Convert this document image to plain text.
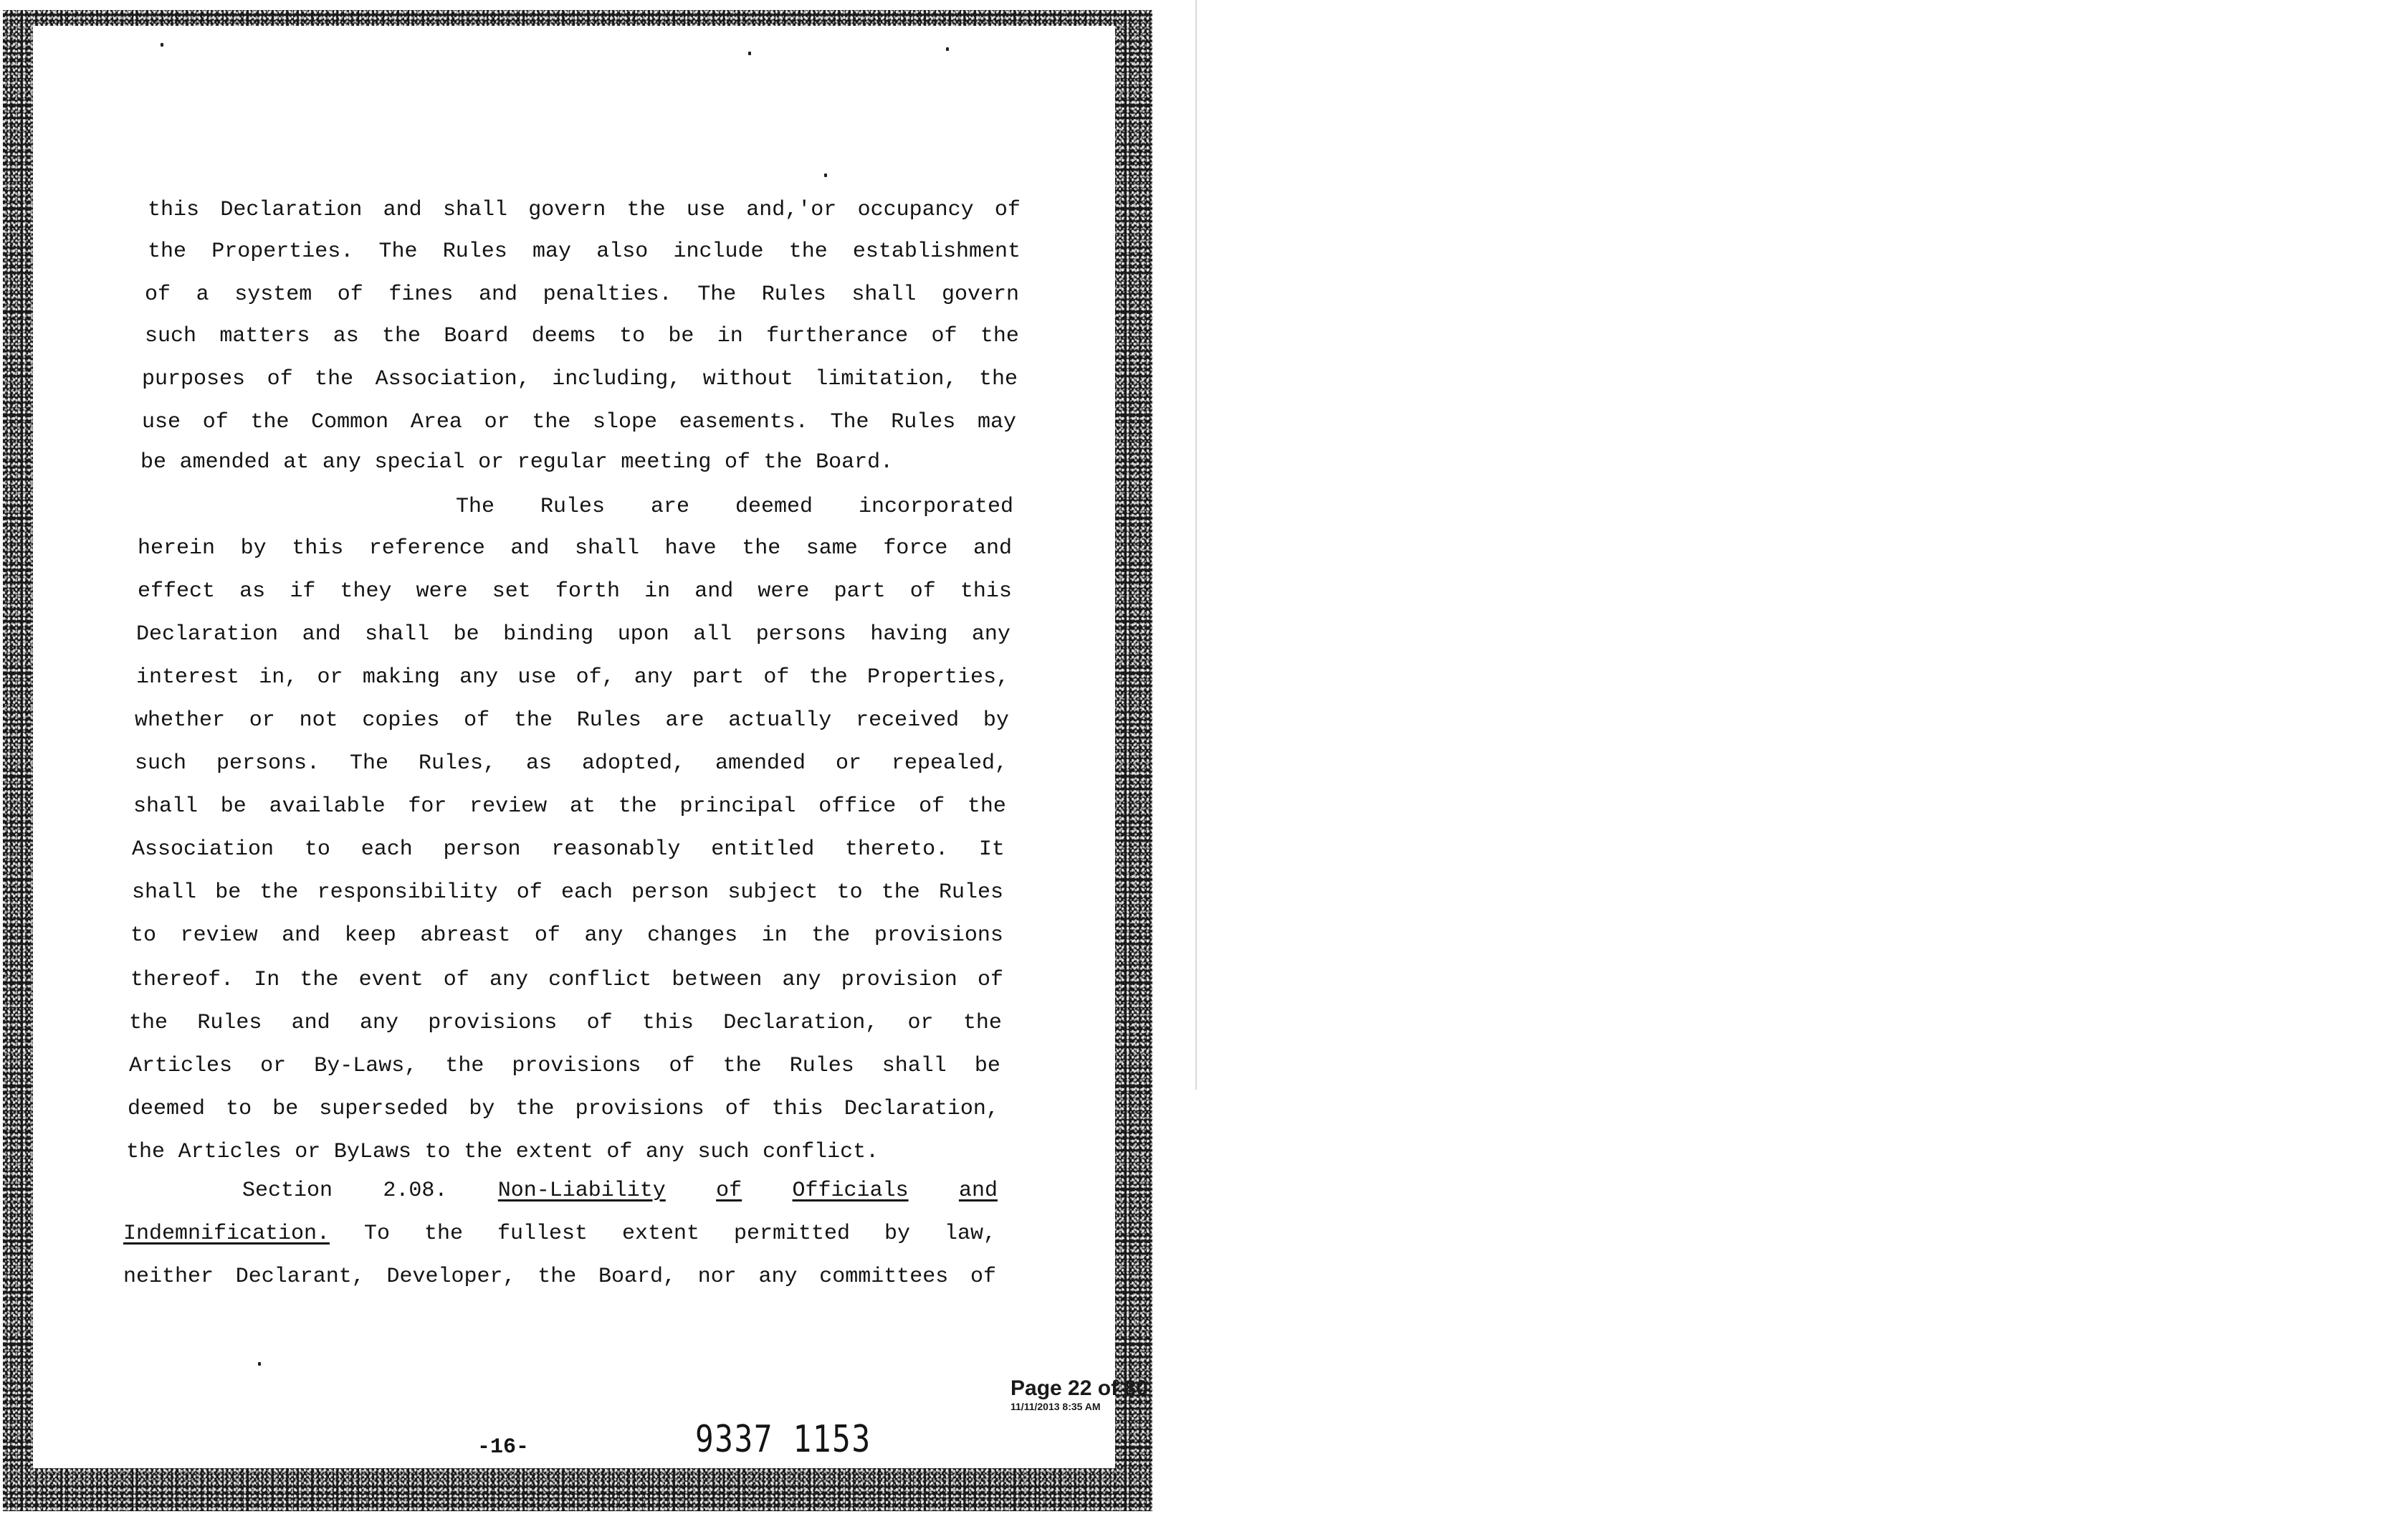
this Declaration and shall govern the use and,'or occupancy of
the Properties. The Rules may also include the establishment
of a system of fines and penalties. The Rules shall govern
such matters as the Board deems to be in furtherance of the
purposes of the Association, including, without limitation, the
use of the Common Area or the slope easements. The Rules may
be amended at any special or regular meeting of the Board.
The Rules are deemed incorporated
herein by this reference and shall have the same force and
effect as if they were set forth in and were part of this
Declaration and shall be binding upon all persons having any
interest in, or making any use of, any part of the Properties,
whether or not copies of the Rules are actually received by
such persons. The Rules, as adopted, amended or repealed,
shall be available for review at the principal office of the
Association to each person reasonably entitled thereto. It
shall be the responsibility of each person subject to the Rules
to review and keep abreast of any changes in the provisions
thereof. In the event of any conflict between any provision of
the Rules and any provisions of this Declaration, or the
Articles or By-Laws, the provisions of the Rules shall be
deemed to be superseded by the provisions of this Declaration,
the Articles or ByLaws to the extent of any such conflict.
Section 2.08. Non-Liability of Officials and
Indemnification. To the fullest extent permitted by law,
neither Declarant, Developer, the Board, nor any committees of
-16-	9337 1153
Page 22 of 80
11/11/2013 8:35 AM
